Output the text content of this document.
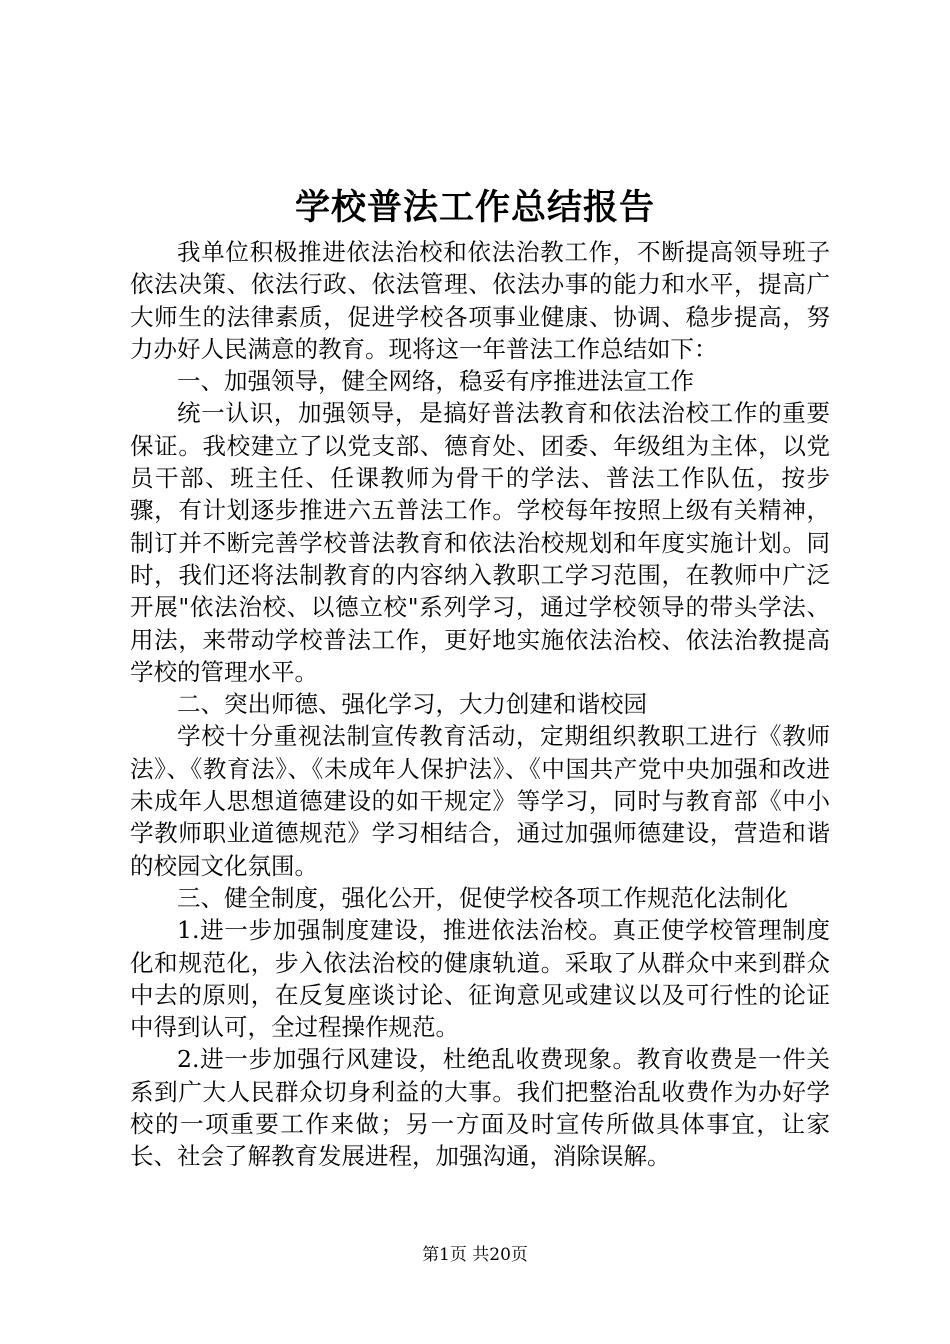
学校普法工作总结报告

我单位积极推进依法治校和依法治教工作，不断提高领导班子依法决策、依法行政、依法管理、依法办事的能力和水平，提高广大师生的法律素质，促进学校各项事业健康、协调、稳步提高，努力办好人民满意的教育。现将这一年普法工作总结如下：

一、加强领导，健全网络，稳妥有序推进法宣工作

统一认识，加强领导，是搞好普法教育和依法治校工作的重要保证。我校建立了以党支部、德育处、团委、年级组为主体，以党员干部、班主任、任课教师为骨干的学法、普法工作队伍，按步骤，有计划逐步推进六五普法工作。学校每年按照上级有关精神，制订并不断完善学校普法教育和依法治校规划和年度实施计划。同时，我们还将法制教育的内容纳入教职工学习范围，在教师中广泛开展"依法治校、以德立校"系列学习，通过学校领导的带头学法、用法，来带动学校普法工作，更好地实施依法治校、依法治教提高学校的管理水平。

二、突出师德、强化学习，大力创建和谐校园

学校十分重视法制宣传教育活动，定期组织教职工进行《教师法》、《教育法》、《未成年人保护法》、《中国共产党中央加强和改进未成年人思想道德建设的如干规定》等学习，同时与教育部《中小学教师职业道德规范》学习相结合，通过加强师德建设，营造和谐的校园文化氛围。

三、健全制度，强化公开，促使学校各项工作规范化法制化

1.进一步加强制度建设，推进依法治校。真正使学校管理制度化和规范化，步入依法治校的健康轨道。采取了从群众中来到群众中去的原则，在反复座谈讨论、征询意见或建议以及可行性的论证中得到认可，全过程操作规范。

2.进一步加强行风建设，杜绝乱收费现象。教育收费是一件关系到广大人民群众切身利益的大事。我们把整治乱收费作为办好学校的一项重要工作来做；另一方面及时宣传所做具体事宜，让家长、社会了解教育发展进程，加强沟通，消除误解。

第1页 共20页
